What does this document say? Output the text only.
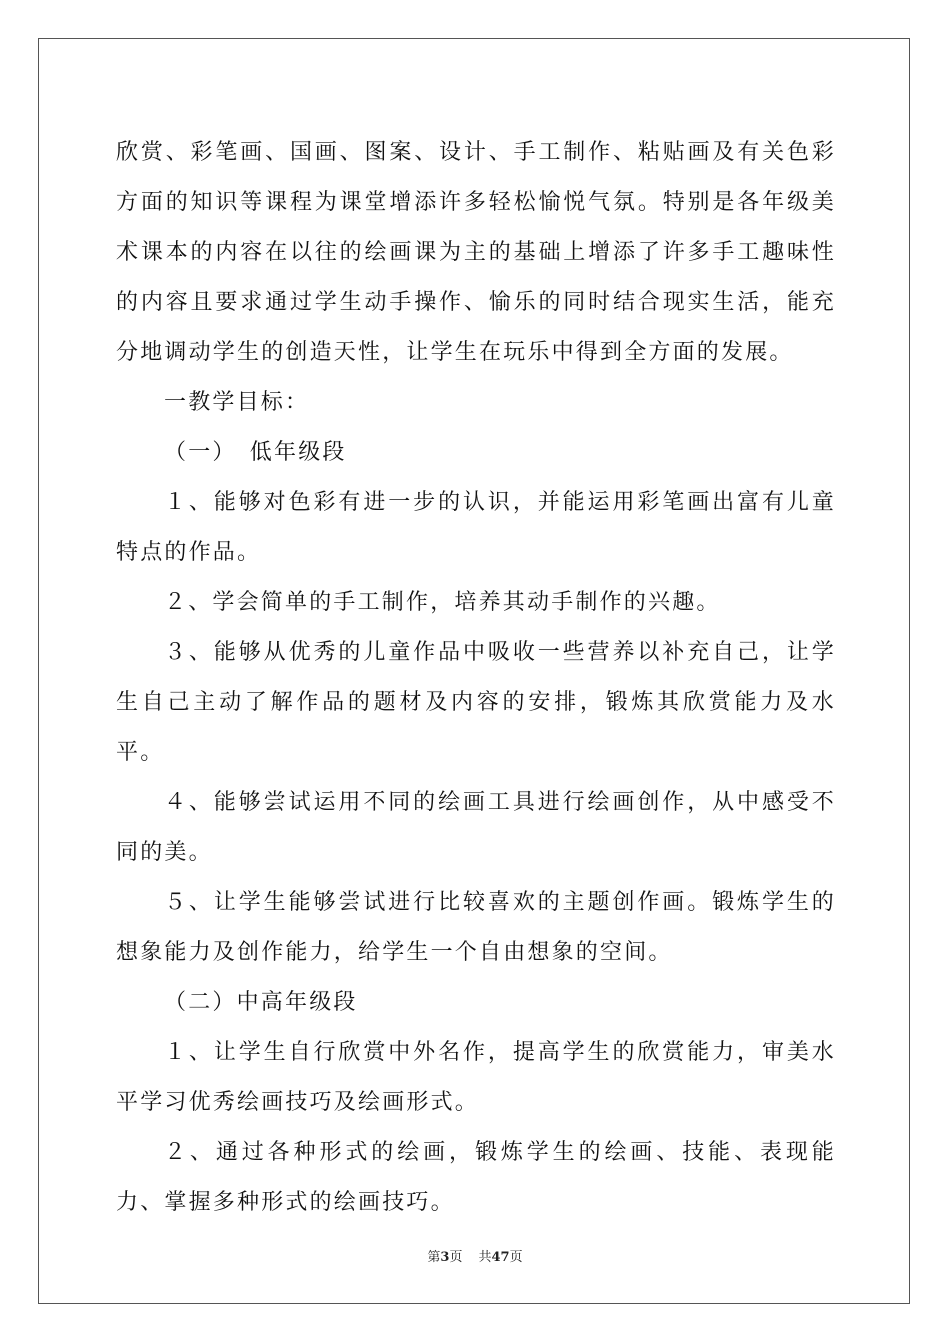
欣赏、彩笔画、国画、图案、设计、手工制作、粘贴画及有关色彩方面的知识等课程为课堂增添许多轻松愉悦气氛。特别是各年级美术课本的内容在以往的绘画课为主的基础上增添了许多手工趣味性的内容且要求通过学生动手操作、愉乐的同时结合现实生活，能充分地调动学生的创造天性，让学生在玩乐中得到全方面的发展。

一教学目标：

（一）　低年级段

１、能够对色彩有进一步的认识，并能运用彩笔画出富有儿童特点的作品。

２、学会简单的手工制作，培养其动手制作的兴趣。

３、能够从优秀的儿童作品中吸收一些营养以补充自己，让学生自己主动了解作品的题材及内容的安排，锻炼其欣赏能力及水平。

４、能够尝试运用不同的绘画工具进行绘画创作，从中感受不同的美。

５、让学生能够尝试进行比较喜欢的主题创作画。锻炼学生的想象能力及创作能力，给学生一个自由想象的空间。

（二）中高年级段

１、让学生自行欣赏中外名作，提高学生的欣赏能力，审美水平学习优秀绘画技巧及绘画形式。

２、通过各种形式的绘画，锻炼学生的绘画、技能、表现能力、掌握多种形式的绘画技巧。

第3页 共47页
